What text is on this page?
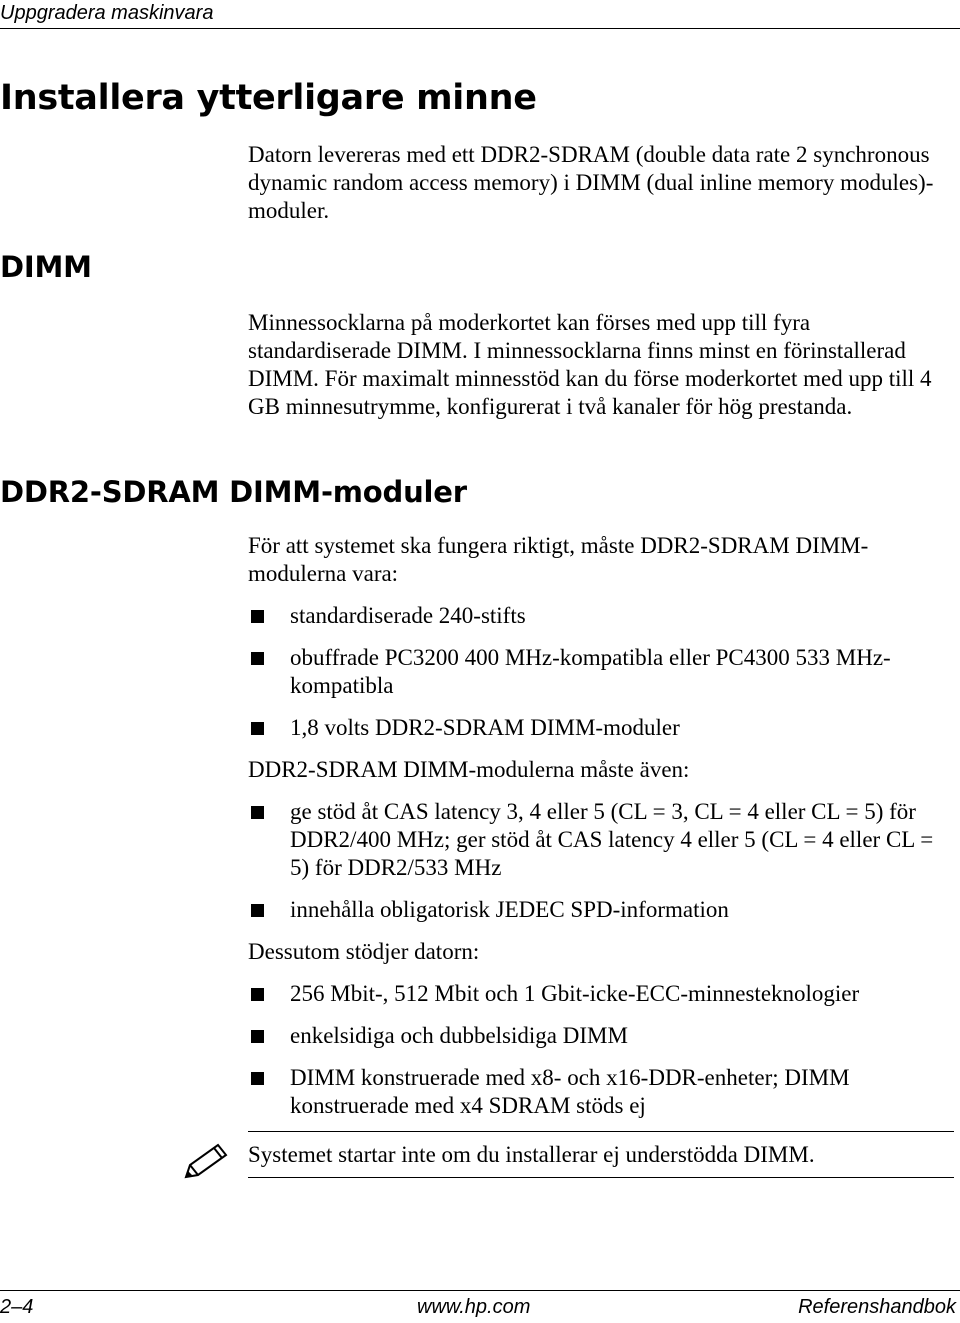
Uppgradera maskinvara
Installera ytterligare minne
DIMM

Datorn levereras med ett DDR2-SDRAM (double data rate 2 synchronous dynamic random access memory) i DIMM (dual inline memory modules)-moduler.

Minnessocklarna på moderkortet kan förses med upp till fyra standardiserade DIMM. I minnessocklarna finns minst en förinstallerad DIMM. För maximalt minnesstöd kan du förse moderkortet med upp till 4 GB minnesutrymme, konfigurerat i två kanaler för hög prestanda.

DDR2-SDRAM DIMM-moduler

För att systemet ska fungera riktigt, måste DDR2-SDRAM DIMM-modulerna vara:

standardiserade 240-stifts
obuffrade PC3200 400 MHz-kompatibla eller PC4300 533 MHz-kompatibla
1,8 volts DDR2-SDRAM DIMM-moduler

DDR2-SDRAM DIMM-modulerna måste även:

ge stöd åt CAS latency 3, 4 eller 5 (CL = 3, CL = 4 eller CL = 5) för DDR2/400 MHz; ger stöd åt CAS latency 4 eller 5 (CL = 4 eller CL = 5) för DDR2/533 MHz
innehålla obligatorisk JEDEC SPD-information

Dessutom stödjer datorn:

256 Mbit-, 512 Mbit och 1 Gbit-icke-ECC-minnesteknologier
enkelsidiga och dubbelsidiga DIMM
DIMM konstruerade med x8- och x16-DDR-enheter; DIMM konstruerade med x4 SDRAM stöds ej
Systemet startar inte om du installerar ej understödda DIMM.
2–4	www.hp.com	Referenshandbok
